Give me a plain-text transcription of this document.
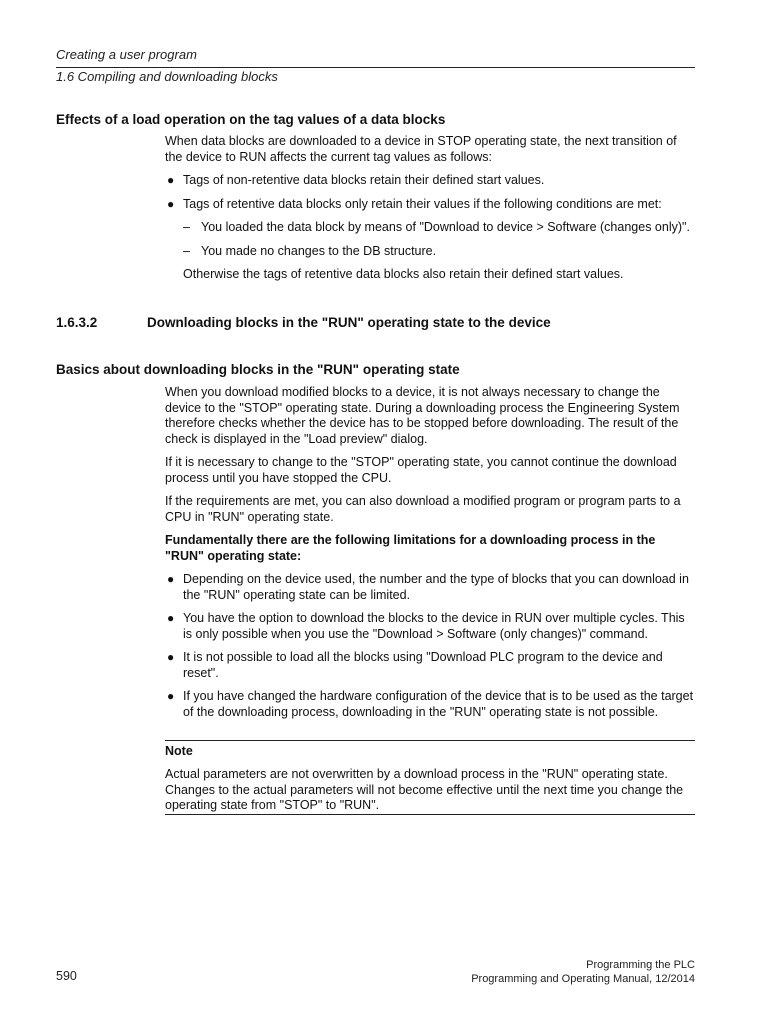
Creating a user program
1.6 Compiling and downloading blocks
Effects of a load operation on the tag values of a data blocks

When data blocks are downloaded to a device in STOP operating state, the next transition of the device to RUN affects the current tag values as follows:

● Tags of non-retentive data blocks retain their defined start values.
● Tags of retentive data blocks only retain their values if the following conditions are met:
– You loaded the data block by means of "Download to device > Software (changes only)".
– You made no changes to the DB structure.

Otherwise the tags of retentive data blocks also retain their defined start values.

1.6.3.2	Downloading blocks in the "RUN" operating state to the device
Basics about downloading blocks in the "RUN" operating state

When you download modified blocks to a device, it is not always necessary to change the device to the "STOP" operating state. During a downloading process the Engineering System therefore checks whether the device has to be stopped before downloading. The result of the check is displayed in the "Load preview" dialog.

If it is necessary to change to the "STOP" operating state, you cannot continue the download process until you have stopped the CPU.

If the requirements are met, you can also download a modified program or program parts to a CPU in "RUN" operating state.

Fundamentally there are the following limitations for a downloading process in the "RUN" operating state:

● Depending on the device used, the number and the type of blocks that you can download in the "RUN" operating state can be limited.
● You have the option to download the blocks to the device in RUN over multiple cycles. This is only possible when you use the "Download > Software (only changes)" command.
● It is not possible to load all the blocks using "Download PLC program to the device and reset".
● If you have changed the hardware configuration of the device that is to be used as the target of the downloading process, downloading in the "RUN" operating state is not possible.
Note
Actual parameters are not overwritten by a download process in the "RUN" operating state. Changes to the actual parameters will not become effective until the next time you change the operating state from "STOP" to "RUN".
Programming the PLC
Programming and Operating Manual, 12/2014
590
